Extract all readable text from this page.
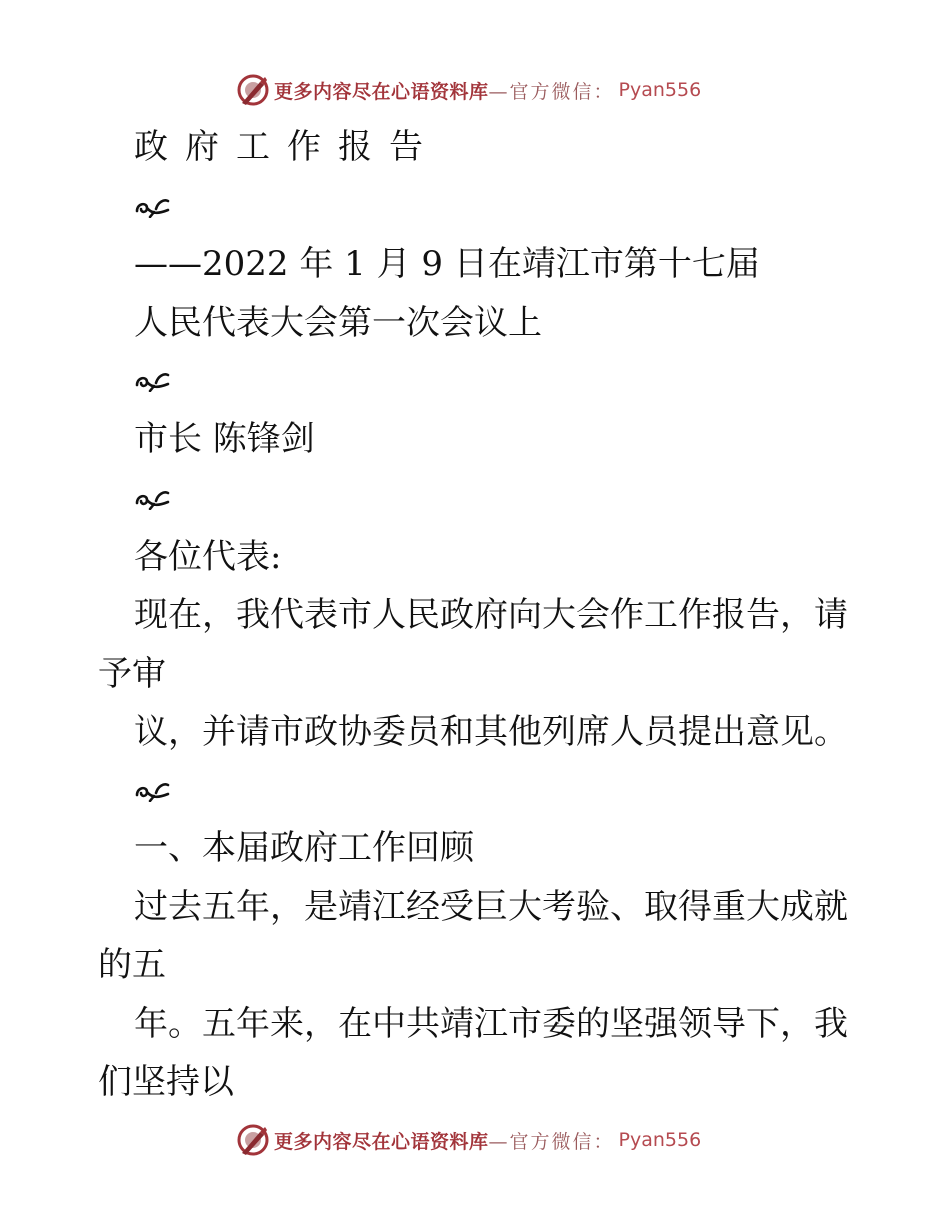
更多内容尽在心语资料库 —官方微信： Pyan556
政府工作报告
——2022 年 1 月 9 日在靖江市第十七届
人民代表大会第一次会议上
市长 陈锋剑
各位代表:
现在，我代表市人民政府向大会作工作报告，请
予审
议，并请市政协委员和其他列席人员提出意见。
一、本届政府工作回顾
过去五年，是靖江经受巨大考验、取得重大成就
的五
年。五年来，在中共靖江市委的坚强领导下，我
们坚持以
更多内容尽在心语资料库 —官方微信： Pyan556
